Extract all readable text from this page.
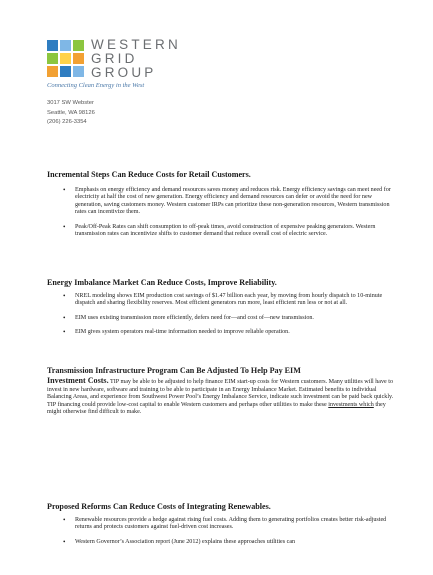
WESTERN
GRID
GROUP
Connecting Clean Energy in the West
3017 SW Webster
Seattle, WA 98126
(206) 226-3354
Incremental Steps Can Reduce Costs for Retail Customers.
• Emphasis on energy efficiency and demand resources saves money and reduces risk. Energy efficiency savings can meet need for electricity at half the cost of new generation. Energy efficiency and demand resources can defer or avoid the need for new generation, saving customers money. Western customer IRPs can prioritize these non-generation resources, Western transmission rates can incentivize them.
• Peak/Off-Peak Rates can shift consumption to off-peak times, avoid construction of expensive peaking generators. Western transmission rates can incentivize shifts to customer demand that reduce overall cost of electric service.
Energy Imbalance Market Can Reduce Costs, Improve Reliability.
• NREL modeling shows EIM production cost savings of $1.47 billion each year, by moving from hourly dispatch to 10-minute dispatch and sharing flexibility reserves. Most efficient generators run more, least efficient run less or not at all.
• EIM uses existing transmission more efficiently, defers need for—and cost of—new transmission.
• EIM gives system operators real-time information needed to improve reliable operation.
Transmission Infrastructure Program Can Be Adjusted To Help Pay EIM
Investment Costs. TIP may be able to be adjusted to help finance EIM start-up costs for Western customers. Many utilities will have to invest in new hardware, software and training to be able to participate in an Energy Imbalance Market. Estimated benefits to individual Balancing Areas, and experience from Southwest Power Pool’s Energy Imbalance Service, indicate such investment can be paid back quickly. TIP financing could provide low-cost capital to enable Western customers and perhaps other utilities to make these investments which they might otherwise find difficult to make.
Proposed Reforms Can Reduce Costs of Integrating Renewables.
• Renewable resources provide a hedge against rising fuel costs. Adding them to generating portfolios creates better risk-adjusted returns and protects customers against fuel-driven cost increases.
• Western Governor’s Association report (June 2012) explains these approaches utilities can
